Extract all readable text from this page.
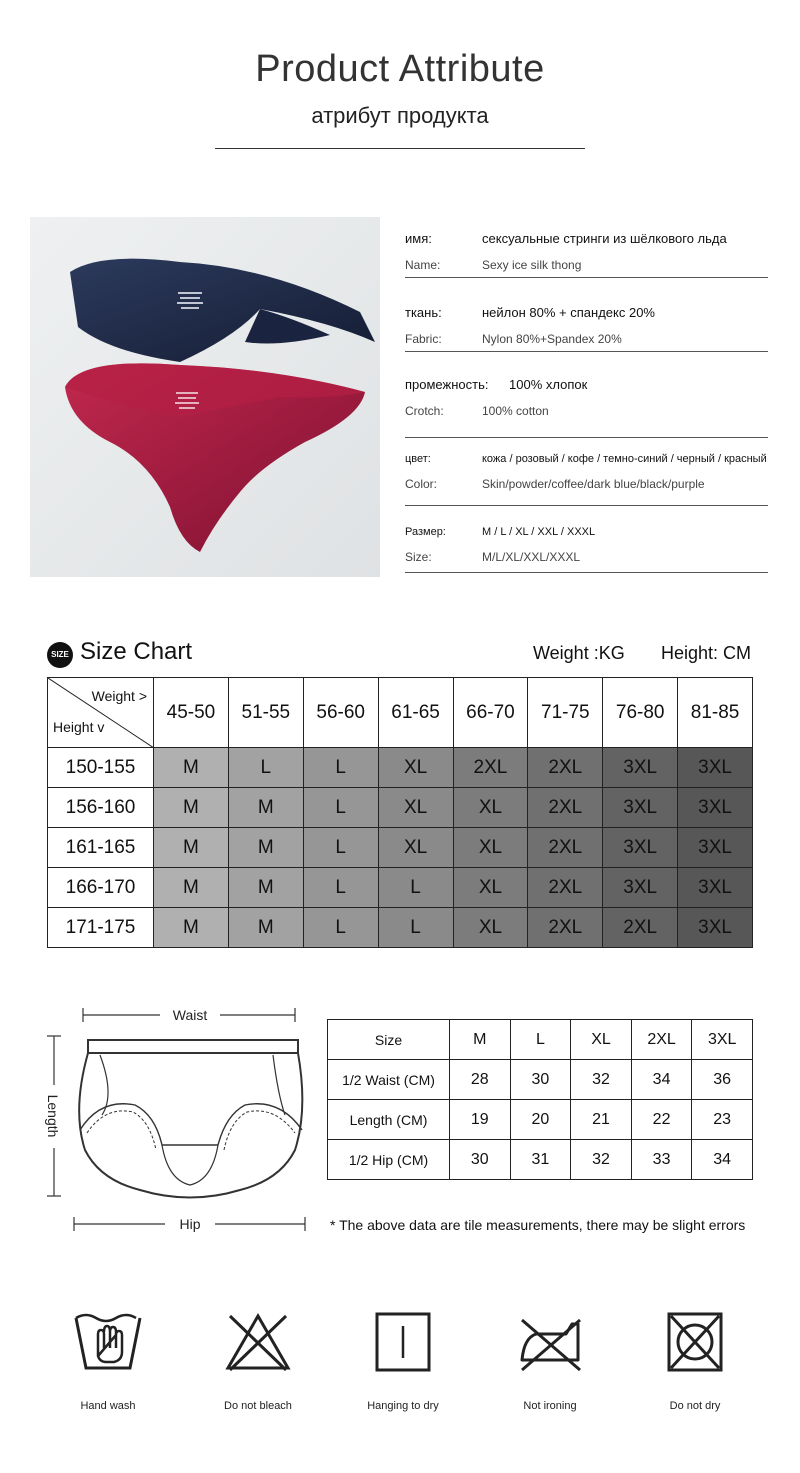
Product Attribute
атрибут продукта
имя:	сексуальные стринги из шёлкового льда
Name:	Sexy ice silk thong
ткань:	нейлон 80% + спандекс 20%
Fabric:	Nylon 80%+Spandex 20%
промежность:	100% хлопок
Crotch:	100% cotton
цвет:	кожа / розовый / кофе / темно-синий / черный / красный
Color:	Skin/powder/coffee/dark blue/black/purple
Размер:	M / L / XL / XXL / XXXL
Size:	M/L/XL/XXL/XXXL
SIZE Size Chart	Weight :KG Height: CM
Weight >
Height v	45-50	51-55	56-60	61-65	66-70	71-75	76-80	81-85
150-155	M	L	L	XL	2XL	2XL	3XL	3XL
156-160	M	M	L	XL	XL	2XL	3XL	3XL
161-165	M	M	L	XL	XL	2XL	3XL	3XL
166-170	M	M	L	L	XL	2XL	3XL	3XL
171-175	M	M	L	L	XL	2XL	2XL	3XL
Waist
Length
Hip
Size	M	L	XL	2XL	3XL
1/2 Waist (CM)	28	30	32	34	36
Length (CM)	19	20	21	22	23
1/2 Hip (CM)	30	31	32	33	34
* The above data are tile measurements, there may be slight errors
Hand wash	Do not bleach	Hanging to dry	Not ironing	Do not dry
